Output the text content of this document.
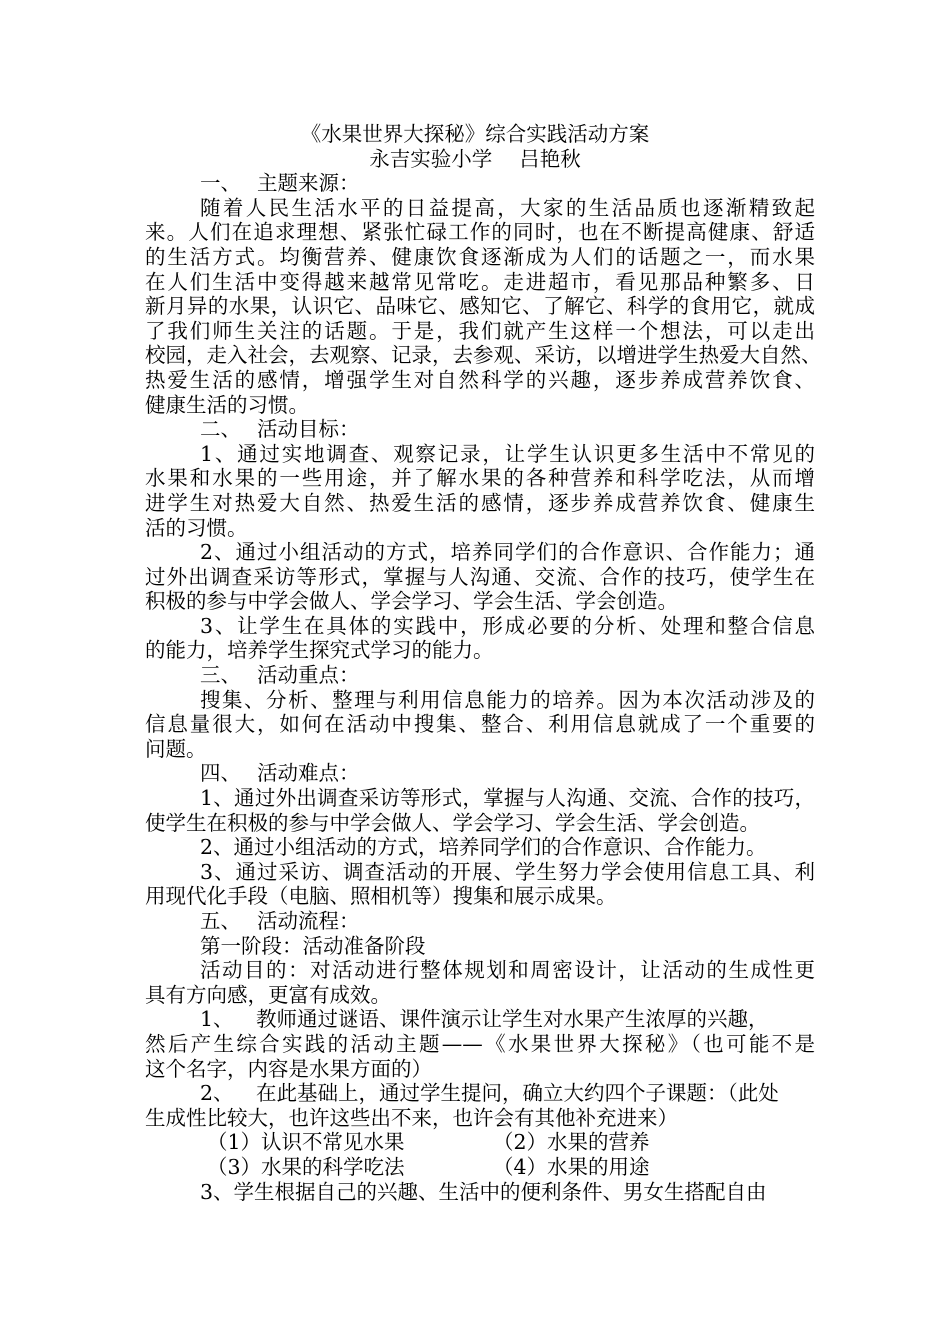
《水果世界大探秘》综合实践活动方案
永吉实验小学　 吕艳秋
一、 主题来源：
随着人民生活水平的日益提高，大家的生活品质也逐渐精致起
来。人们在追求理想、紧张忙碌工作的同时，也在不断提高健康、舒适
的生活方式。均衡营养、健康饮食逐渐成为人们的话题之一，而水果
在人们生活中变得越来越常见常吃。走进超市，看见那品种繁多、日
新月异的水果，认识它、品味它、感知它、了解它、科学的食用它，就成
了我们师生关注的话题。于是，我们就产生这样一个想法，可以走出
校园，走入社会，去观察、记录，去参观、采访，以增进学生热爱大自然、
热爱生活的感情，增强学生对自然科学的兴趣，逐步养成营养饮食、
健康生活的习惯。
二、 活动目标：
1、通过实地调查、观察记录，让学生认识更多生活中不常见的
水果和水果的一些用途，并了解水果的各种营养和科学吃法，从而增
进学生对热爱大自然、热爱生活的感情，逐步养成营养饮食、健康生
活的习惯。
2、通过小组活动的方式，培养同学们的合作意识、合作能力；通
过外出调查采访等形式，掌握与人沟通、交流、合作的技巧，使学生在
积极的参与中学会做人、学会学习、学会生活、学会创造。
3、让学生在具体的实践中，形成必要的分析、处理和整合信息
的能力，培养学生探究式学习的能力。
三、 活动重点：
搜集、分析、整理与利用信息能力的培养。因为本次活动涉及的
信息量很大，如何在活动中搜集、整合、利用信息就成了一个重要的
问题。
四、 活动难点：
1、通过外出调查采访等形式，掌握与人沟通、交流、合作的技巧，
使学生在积极的参与中学会做人、学会学习、学会生活、学会创造。
2、通过小组活动的方式，培养同学们的合作意识、合作能力。
3、通过采访、调查活动的开展、学生努力学会使用信息工具、利
用现代化手段（电脑、照相机等）搜集和展示成果。
五、 活动流程：
第一阶段：活动准备阶段
活动目的：对活动进行整体规划和周密设计，让活动的生成性更
具有方向感，更富有成效。
1、 教师通过谜语、课件演示让学生对水果产生浓厚的兴趣，
然后产生综合实践的活动主题——《水果世界大探秘》（也可能不是
这个名字，内容是水果方面的）
2、 在此基础上，通过学生提问，确立大约四个子课题：（此处
生成性比较大，也许这些出不来，也许会有其他补充进来）
（1）认识不常见水果	（2）水果的营养
（3）水果的科学吃法	（4）水果的用途
3、学生根据自己的兴趣、生活中的便利条件、男女生搭配自由
